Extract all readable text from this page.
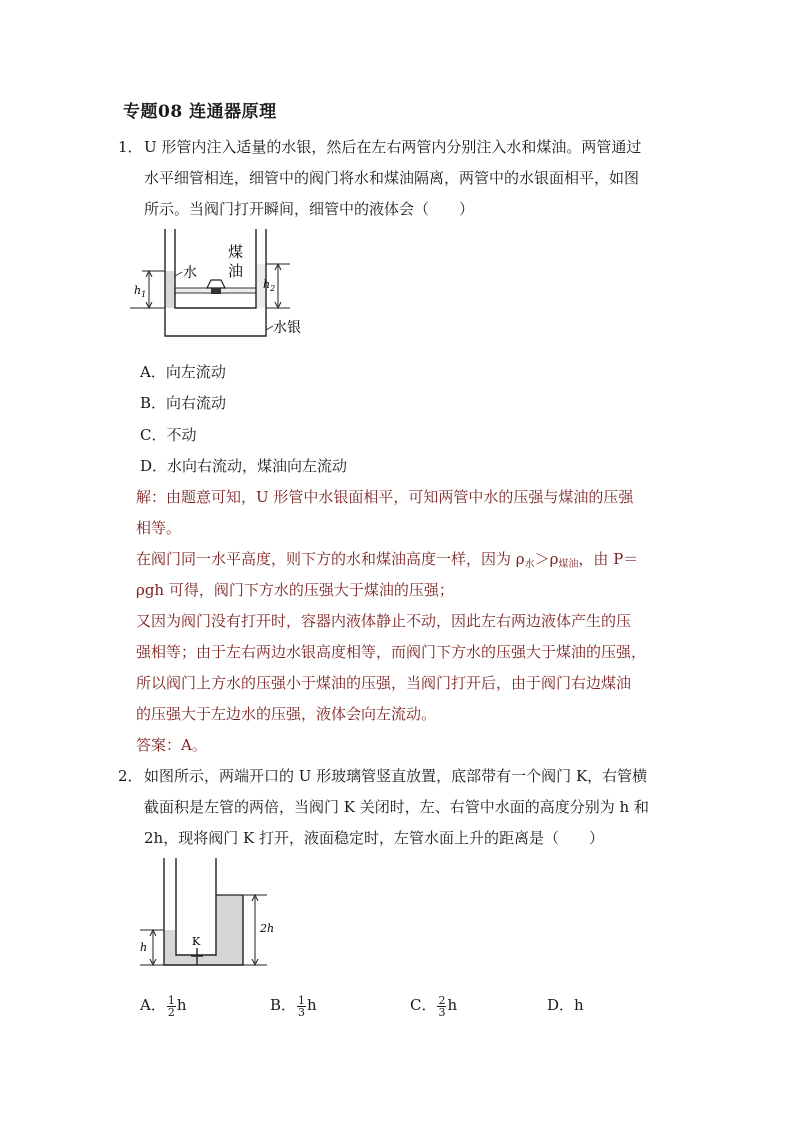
专题08 连通器原理
1． U 形管内注入适量的水银，然后在左右两管内分别注入水和煤油。两管通过
水平细管相连，细管中的阀门将水和煤油隔离，两管中的水银面相平，如图
所示。当阀门打开瞬间，细管中的液体会（　　）
$h_1$
$h_2$
水
煤
油
水银
A．向左流动
B．向右流动
C．不动
D．水向右流动，煤油向左流动
解：由题意可知，U 形管中水银面相平，可知两管中水的压强与煤油的压强
相等。
在阀门同一水平高度，则下方的水和煤油高度一样，因为 $\rho_水>\rho_{煤油}$，由 P＝
ρgh 可得，阀门下方水的压强大于煤油的压强；
又因为阀门没有打开时，容器内液体静止不动，因此左右两边液体产生的压
强相等；由于左右两边水银高度相等，而阀门下方水的压强大于煤油的压强，
所以阀门上方水的压强小于煤油的压强，当阀门打开后，由于阀门右边煤油
的压强大于左边水的压强，液体会向左流动。
答案：A。
2． 如图所示，两端开口的 U 形玻璃管竖直放置，底部带有一个阀门 K，右管横
截面积是左管的两倍，当阀门 K 关闭时，左、右管中水面的高度分别为 h 和
2h，现将阀门 K 打开，液面稳定时，左管水面上升的距离是（　　）
K
h
2h
A． $\frac{1}{2}$ h	B． $\frac{1}{3}$ h	C． $\frac{2}{3}$ h	D．h
